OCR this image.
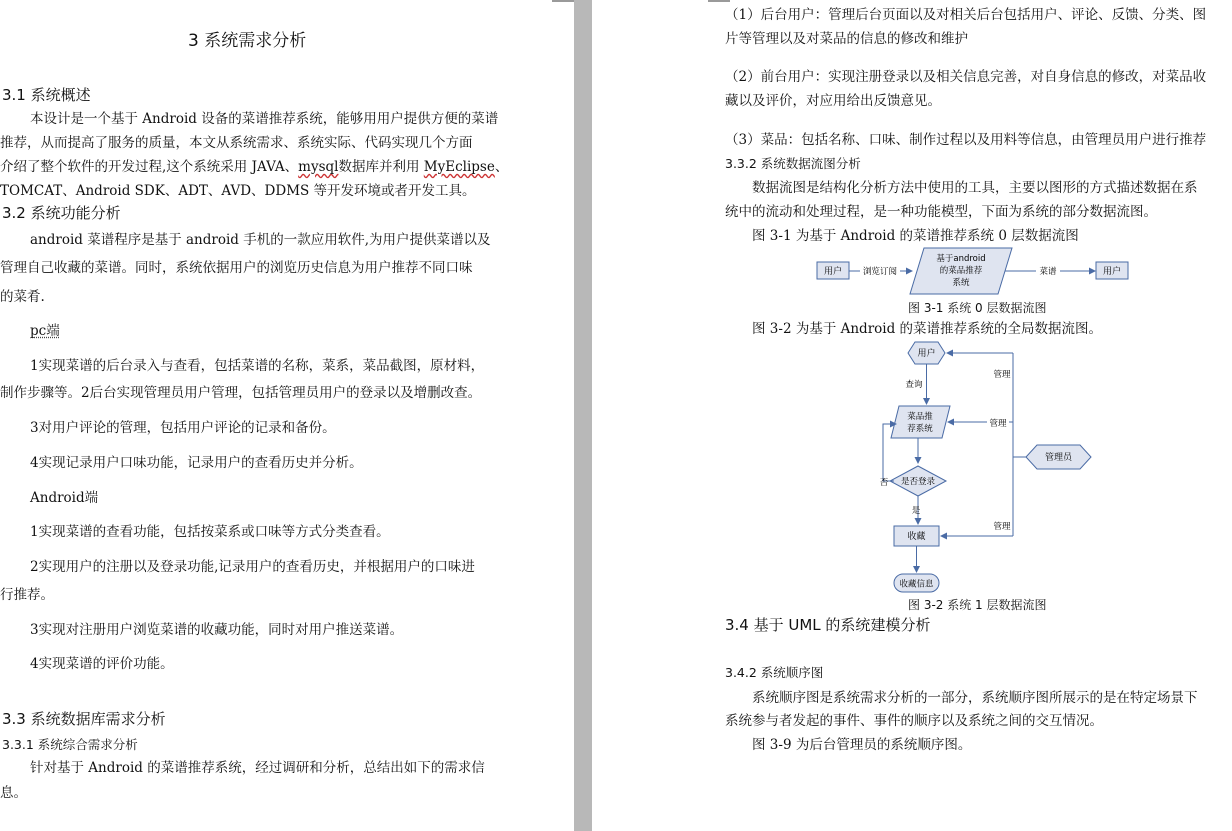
3 系统需求分析
3.1 系统概述
本设计是一个基于 Android 设备的菜谱推荐系统，能够用用户提供方便的菜谱
推荐，从而提高了服务的质量，本文从系统需求、系统实际、代码实现几个方面
介绍了整个软件的开发过程,这个系统采用 JAVA、mysql数据库并利用 MyEclipse、
TOMCAT、Android SDK、ADT、AVD、DDMS 等开发环境或者开发工具。
3.2 系统功能分析
android 菜谱程序是基于 android 手机的一款应用软件,为用户提供菜谱以及
管理自己收藏的菜谱。同时，系统依据用户的浏览历史信息为用户推荐不同口味
的菜肴.
pc端
1实现菜谱的后台录入与查看，包括菜谱的名称，菜系，菜品截图，原材料，
制作步骤等。2后台实现管理员用户管理，包括管理员用户的登录以及增删改查。
3对用户评论的管理，包括用户评论的记录和备份。
4实现记录用户口味功能，记录用户的查看历史并分析。
Android端
1实现菜谱的查看功能，包括按菜系或口味等方式分类查看。
2实现用户的注册以及登录功能,记录用户的查看历史，并根据用户的口味进
行推荐。
3实现对注册用户浏览菜谱的收藏功能，同时对用户推送菜谱。
4实现菜谱的评价功能。
3.3 系统数据库需求分析
3.3.1 系统综合需求分析
针对基于 Android 的菜谱推荐系统，经过调研和分析，总结出如下的需求信
息。
（1）后台用户：管理后台页面以及对相关后台包括用户、评论、反馈、分类、图
片等管理以及对菜品的信息的修改和维护
（2）前台用户：实现注册登录以及相关信息完善，对自身信息的修改，对菜品收
藏以及评价，对应用给出反馈意见。
（3）菜品：包括名称、口味、制作过程以及用料等信息，由管理员用户进行推荐
3.3.2 系统数据流图分析
数据流图是结构化分析方法中使用的工具，主要以图形的方式描述数据在系
统中的流动和处理过程，是一种功能模型，下面为系统的部分数据流图。
图 3-1 为基于 Android 的菜谱推荐系统 0 层数据流图
用户 浏览订阅
基于android
的菜品推荐
系统
菜谱	用户
图 3-1 系统 0 层数据流图
图 3-2 为基于 Android 的菜谱推荐系统的全局数据流图。
用户
查询
菜品推
荐系统
是否登录
否
是
收藏
收藏信息
管理员
管理
管理
管理
图 3-2 系统 1 层数据流图
3.4 基于 UML 的系统建模分析
3.4.2 系统顺序图
系统顺序图是系统需求分析的一部分，系统顺序图所展示的是在特定场景下
系统参与者发起的事件、事件的顺序以及系统之间的交互情况。
图 3-9 为后台管理员的系统顺序图。
